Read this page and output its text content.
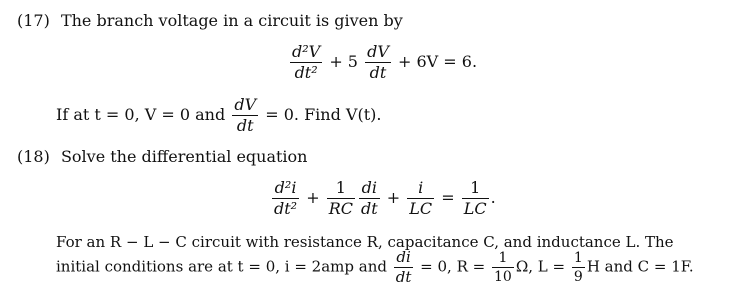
(17) The branch voltage in a circuit is given by
$\frac{\text{d²V}}{\text{dt²}} + 5 \frac{dV}{dt} + 6V = 6$.
If at t = 0, V = 0 and $\frac{dV}{dt} = 0$. Find V(t).
(18) Solve the differential equation
$\frac{\text{d²i}}{\text{dt²}} + \frac{1}{RC} \frac{di}{dt} + \frac{i}{LC} = \frac{1}{LC}$ .
For an R − L − C circuit with resistance R, capacitance C, and inductance L. The
initial conditions are at t = 0, i = 2amp and $\frac{di}{dt} = 0$, $R = \frac{1}{10} \Omega$, $L = \frac{1}{9}$ H and C = 1F.
